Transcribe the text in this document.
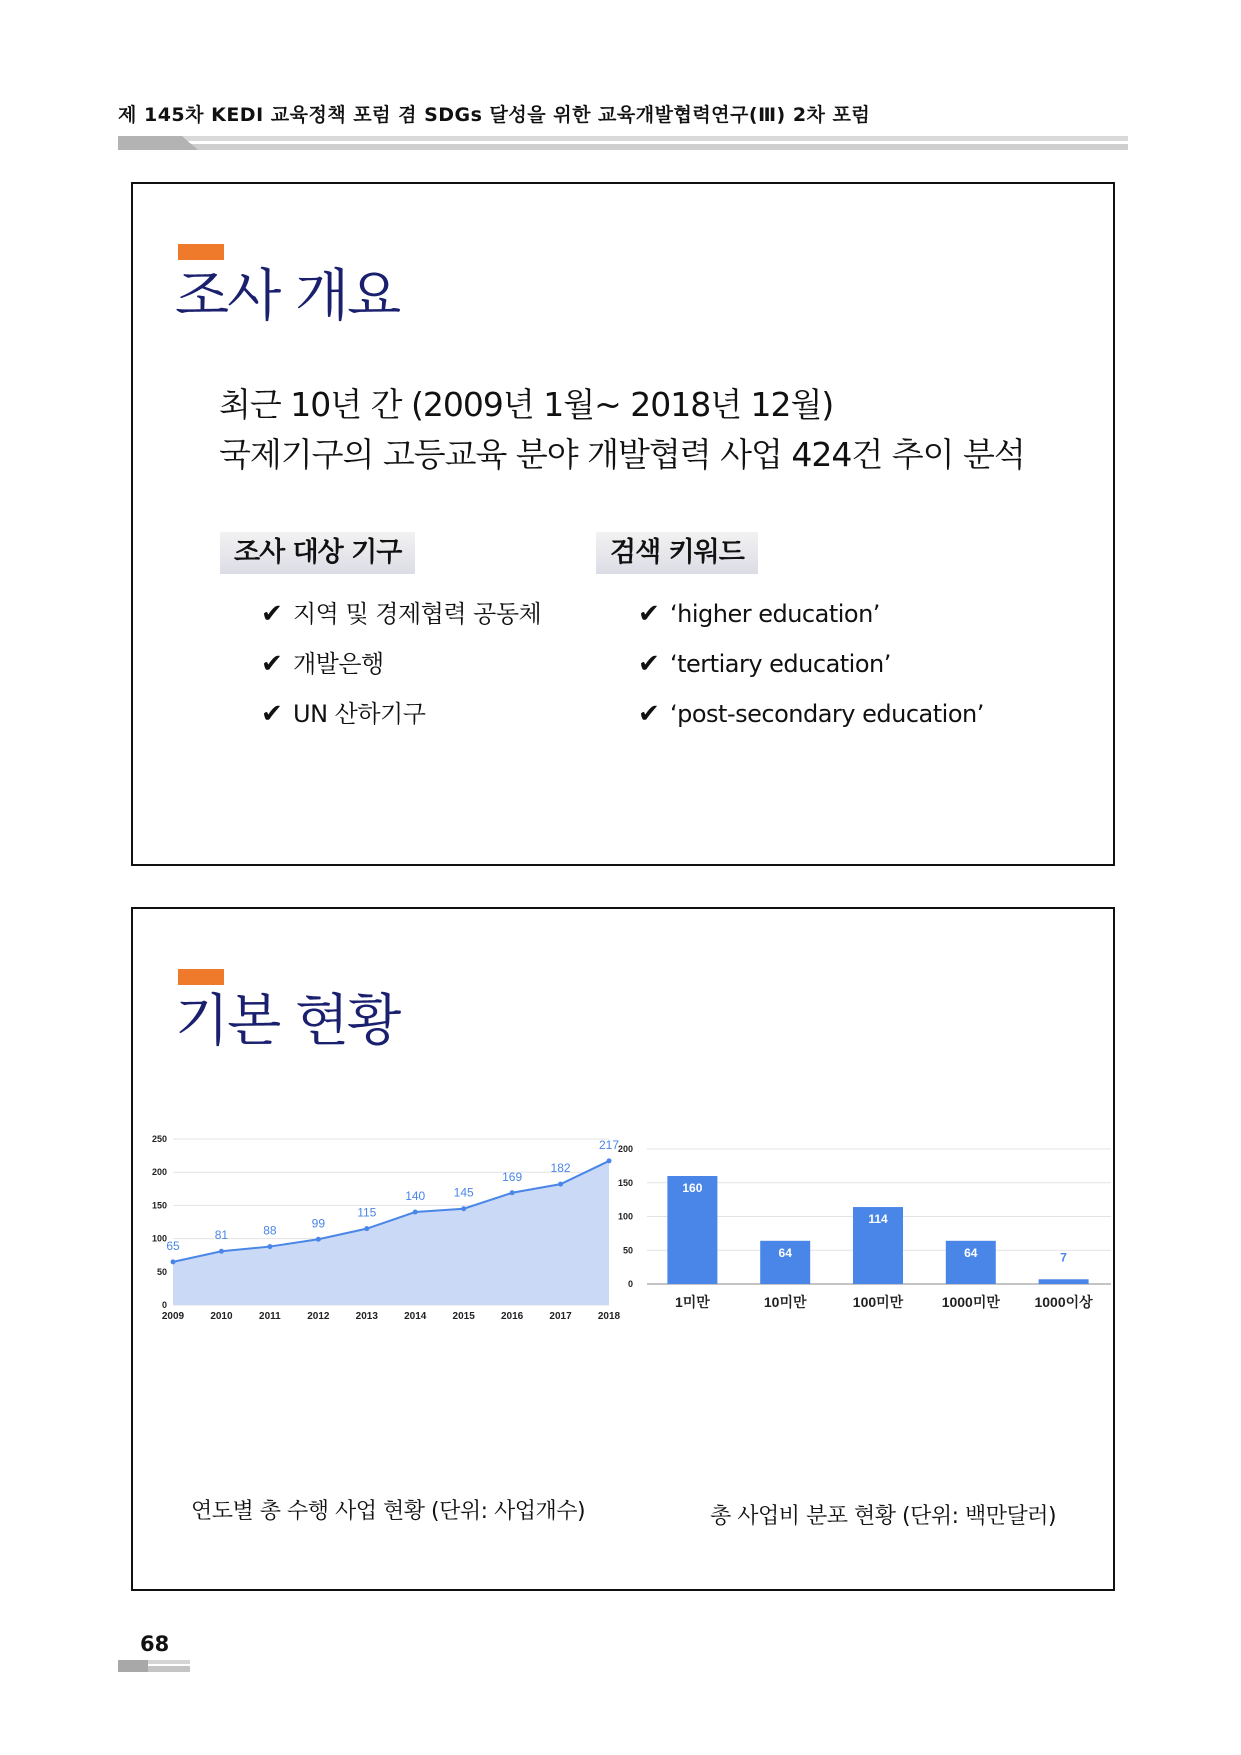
제 145차 KEDI 교육정책 포럼 겸 SDGs 달성을 위한 교육개발협력연구(Ⅲ) 2차 포럼
조사 개요
최근 10년 간 (2009년 1월~ 2018년 12월)
국제기구의 고등교육 분야 개발협력 사업 424건 추이 분석
조사 대상 기구	검색 키워드
✔ 지역 및 경제협력 공동체
✔ 개발은행
✔ UN 산하기구
✔ ‘higher education’
✔ ‘tertiary education’
✔ ‘post-secondary education’
기본 현황
0
50
100
150
200
250
65
81	88
99
115
140 145
169
182
217
2009	2010	2011	2012	2013	2014	2015	2016	2017	2018
0
50
100
150
200
160
1미만
64
10미만
114
100미만
64
1000미만
7
1000이상
연도별 총 수행 사업 현황 (단위: 사업개수)	총 사업비 분포 현황 (단위: 백만달러)
68
